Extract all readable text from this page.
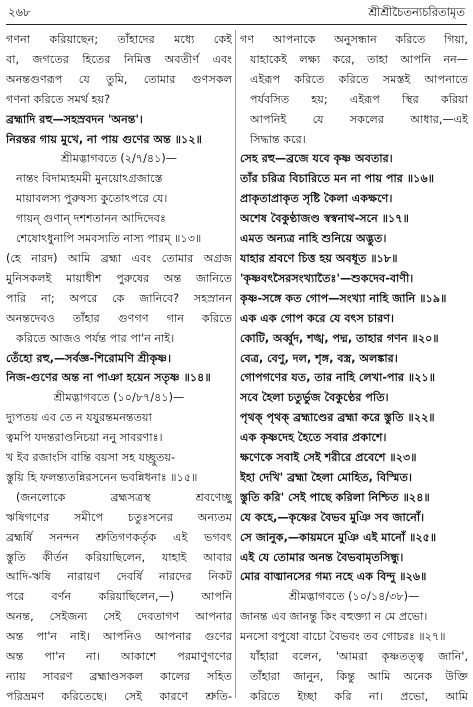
২৬৮	শ্রীশ্রীচৈতন্যচরিতামৃত
গণনা করিয়াছেন; তাঁহাদের মধ্যে কেই
বা, জগতের হিতের নিমিত্ত অবতীর্ণ এবং
অনন্তগুণরূপ যে তুমি, তোমার গুণসকল
গণনা করিতে সমর্থ হয়?
ব্রহ্মাদি রহু—সহস্রবদন 'অনন্ত'।
নিরন্তর গায় মুখে, না পায় গুণের অন্ত ॥১২॥
শ্রীমদ্ভাগবতে (২/৭/৪১)—
নান্তং বিদাম্যহমমী মুনয়োঽগ্রজাস্তে
মায়াবলস্য পুরুষস্য কুতোঽপরে যে।
গায়ন্ গুণান্ দশশতানন আদিদেবঃ
শেষোঽধুনাপি সমবস্যতি নাস্য পারম্ ॥১৩॥
(হে নারদ) আমি ব্রহ্মা এবং তোমার অগ্রজ
মুনিসকলই মায়াধীশ পুরুষের অন্ত জানিতে
পারি না; অপরে কে জানিবে? সহস্রানন
অনন্তদেবও তাঁহার গুণগণ গান করিতে
করিতে আজও পর্যন্ত পার পা'ন নাই।
তেঁহো রহু,—সর্বজ্ঞ-শিরোমণি শ্রীকৃষ্ণ।
নিজ-গুণের অন্ত না পাঞা হয়েন সতৃষ্ণ ॥১৪॥
শ্রীমদ্ভাগবতে (১০/৮৭/৪১)—
দ্যুপতয় এব তে ন যযুরন্তমনন্ততয়া
ত্বমপি যদন্তরাণ্ডনিচয়া ননু সাবরণাঃ।
খ ইব রজাংসি বান্তি বয়সা সহ যচ্ছ্রুতয়-
স্তুয়ি হি ফলন্ত্যতন্নিরসনেন ভবন্নিধনাঃ ॥১৫॥
(জনলোকে ব্রহ্মসত্রস্থ শ্রবণেচ্ছু
ঋষিগণের সমীপে চতুঃসনের অন্যতম
ব্রহ্মর্ষি সনন্দন শ্রুতিগণকর্তৃক এই ভগবৎ
স্তুতি কীর্তন করিয়াছিলেন, যাহাই আবার
আদি-ঋষি নারায়ণ দেবর্ষি নারদের নিকট
পরে বর্ণন করিয়াছিলেন,—) আপনি
অনন্ত, সেইজন্য সেই দেবতাগণ আপনার
অন্ত পা'ন নাই। আপনিও আপনার গুণের
অন্ত পা'ন না। আকাশে পরমাণুগণের
ন্যায় সাবরণ ব্রহ্মাণ্ডসকল কালের সহিত
পরিভ্রমণ করিতেছে। সেই কারণে শ্রুতি-
গণ আপনাকে অনুসন্ধান করিতে গিয়া,
যাহাকেই লক্ষ্য করে, তাহা আপনি নন—
এইরূপ করিতে করিতে সমস্তই আপনাতে
পর্যবসিত হয়; এইরূপ স্থির করিয়া
আপনিই যে সকলের আধার,—এই
সিদ্ধান্ত করে।
সেহ রহু—ব্রজে যবে কৃষ্ণ অবতার।
তাঁর চরিত্র বিচারিতে মন না পায় পার ॥১৬॥
প্রাকৃতাপ্রাকৃত সৃষ্টি কৈলা একক্ষণে।
অশেষ বৈকুণ্ঠাজণ্ড স্বস্বনাথ-সনে ॥১৭॥
এমত অন্যত্র নাহি শুনিয়ে অদ্ভুত।
যাহার শ্রবণে চিত্ত হয় অবধূত ॥১৮॥
'কৃষ্ণবৎসৈরসংখ্যাতৈঃ'—শুকদেব-বাণী।
কৃষ্ণ-সঙ্গে কত গোপ—সংখ্যা নাহি জানি ॥১৯॥
এক এক গোপ করে যে বৎস চারণ।
কোটি, অর্ব্বুদ, শঙ্খ, পদ্ম, তাহার গণন ॥২০॥
বেত্র, বেণু, দল, শৃঙ্গ, বস্ত্র, অলঙ্কার।
গোপগণের যত, তার নাহি লেখা-পার ॥২১॥
সবে হৈলা চতুর্ভুজ বৈকুণ্ঠের পতি।
পৃথক্ পৃথক্ ব্রহ্মাণ্ডের ব্রহ্মা করে স্তুতি ॥২২॥
এক কৃষ্ণদেহ হৈতে সবার প্রকাশে।
ক্ষণেকে সবাই সেই শরীরে প্রবেশে ॥২৩॥
ইহা দেখি' ব্রহ্মা হৈলা মোহিত, বিস্মিত।
স্তুতি করি' সেই পাছে করিলা নিশ্চিত ॥২৪॥
যে কহে,—কৃষ্ণের বৈভব মুঞি সব জানোঁ।
সে জানুক,—কায়মনে মুঞি এই মানোঁ ॥২৫॥
এই যে তোমার অনন্ত বৈভবামৃতসিন্ধু।
মোর বাঙ্মানসের গম্য নহে এক বিন্দু ॥২৬॥
শ্রীমদ্ভাগবতে (১০/১৪/৩৮)—
জানন্ত এব জানন্তু কিং বহুক্ত্যা ন মে প্রভো।
মনসো বপুষো বাচো বৈভবং তব গোচরঃ ॥২৭॥
যাঁহারা বলেন, 'আমরা কৃষ্ণতত্ত্ব জানি',
তাঁহারা জানুন, কিন্তু আমি অনেক উক্তি
করিতে ইচ্ছা করি না। প্রভো, আমি
